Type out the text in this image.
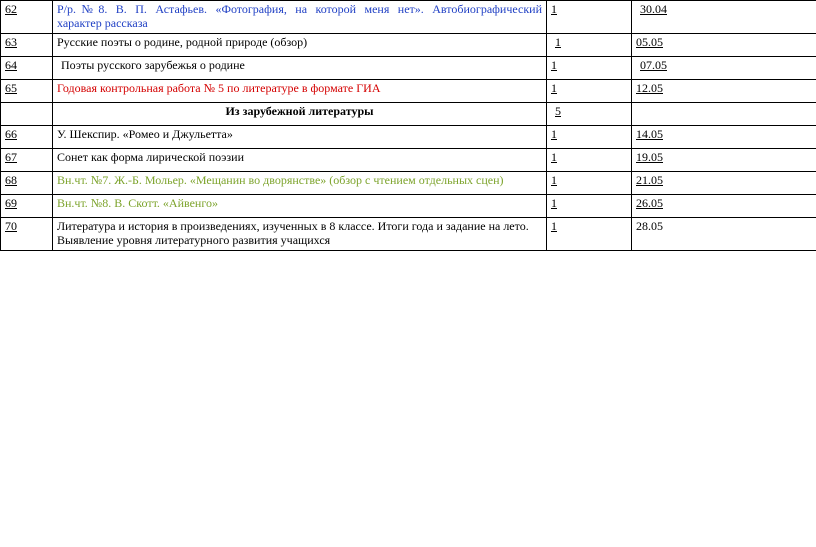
62	Р/р.№8. В. П. Астафьев. «Фотография, на которой меня нет». Автобиографический
характер рассказа	1	30.04
63	Русские поэты о родине, родной природе (обзор)	1	05.05
64	Поэты русского зарубежья о родине	1	07.05
65	Годовая контрольная работа № 5 по литературе в формате ГИА	1	12.05
	Из зарубежной литературы	5	
66	У. Шекспир. «Ромео и Джульетта»	1	14.05
67	Сонет как форма лирической поэзии	1	19.05
68	Вн.чт. №7. Ж.-Б. Мольер. «Мещанин во дворянстве» (обзор с чтением отдельных сцен)	1	21.05
69	Вн.чт. №8. В. Скотт. «Айвенго»	1	26.05
70	Литература и история в произведениях, изученных в 8 классе. Итоги года и задание на лето.
Выявление уровня литературного развития учащихся	1	28.05
